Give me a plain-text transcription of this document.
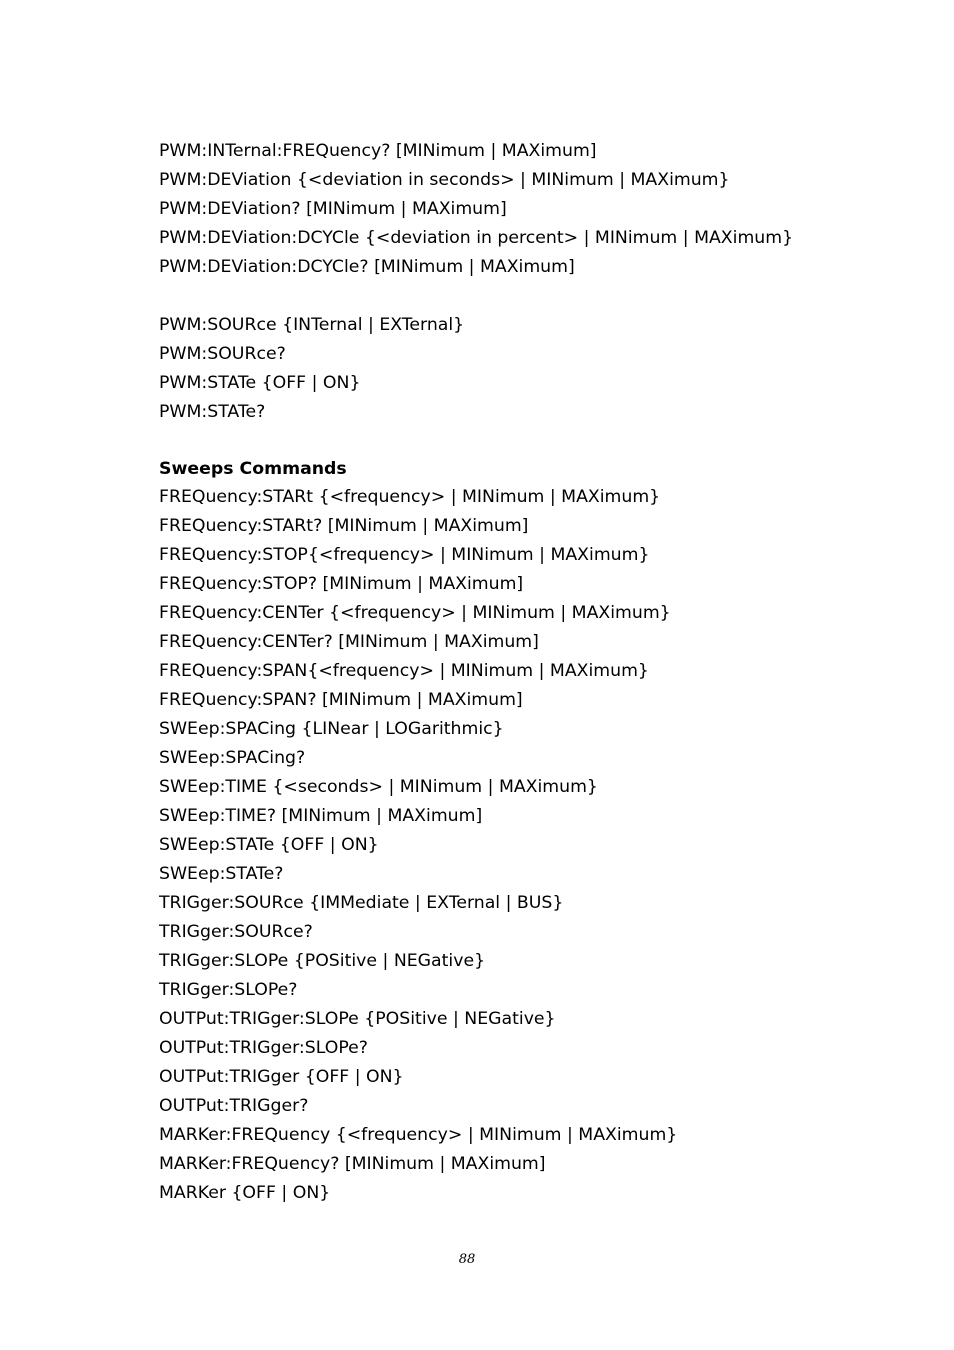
PWM:INTernal:FREQuency? [MINimum | MAXimum]
PWM:DEViation {<deviation in seconds> | MINimum | MAXimum}
PWM:DEViation? [MINimum | MAXimum]
PWM:DEViation:DCYCle {<deviation in percent> | MINimum | MAXimum}
PWM:DEViation:DCYCle? [MINimum | MAXimum]
PWM:SOURce {INTernal | EXTernal}
PWM:SOURce?
PWM:STATe {OFF | ON}
PWM:STATe?
Sweeps Commands
FREQuency:STARt {<frequency> | MINimum | MAXimum}
FREQuency:STARt? [MINimum | MAXimum]
FREQuency:STOP{<frequency> | MINimum | MAXimum}
FREQuency:STOP? [MINimum | MAXimum]
FREQuency:CENTer {<frequency> | MINimum | MAXimum}
FREQuency:CENTer? [MINimum | MAXimum]
FREQuency:SPAN{<frequency> | MINimum | MAXimum}
FREQuency:SPAN? [MINimum | MAXimum]
SWEep:SPACing {LINear | LOGarithmic}
SWEep:SPACing?
SWEep:TIME {<seconds> | MINimum | MAXimum}
SWEep:TIME? [MINimum | MAXimum]
SWEep:STATe {OFF | ON}
SWEep:STATe?
TRIGger:SOURce {IMMediate | EXTernal | BUS}
TRIGger:SOURce?
TRIGger:SLOPe {POSitive | NEGative}
TRIGger:SLOPe?
OUTPut:TRIGger:SLOPe {POSitive | NEGative}
OUTPut:TRIGger:SLOPe?
OUTPut:TRIGger {OFF | ON}
OUTPut:TRIGger?
MARKer:FREQuency {<frequency> | MINimum | MAXimum}
MARKer:FREQuency? [MINimum | MAXimum]
MARKer {OFF | ON}
88
